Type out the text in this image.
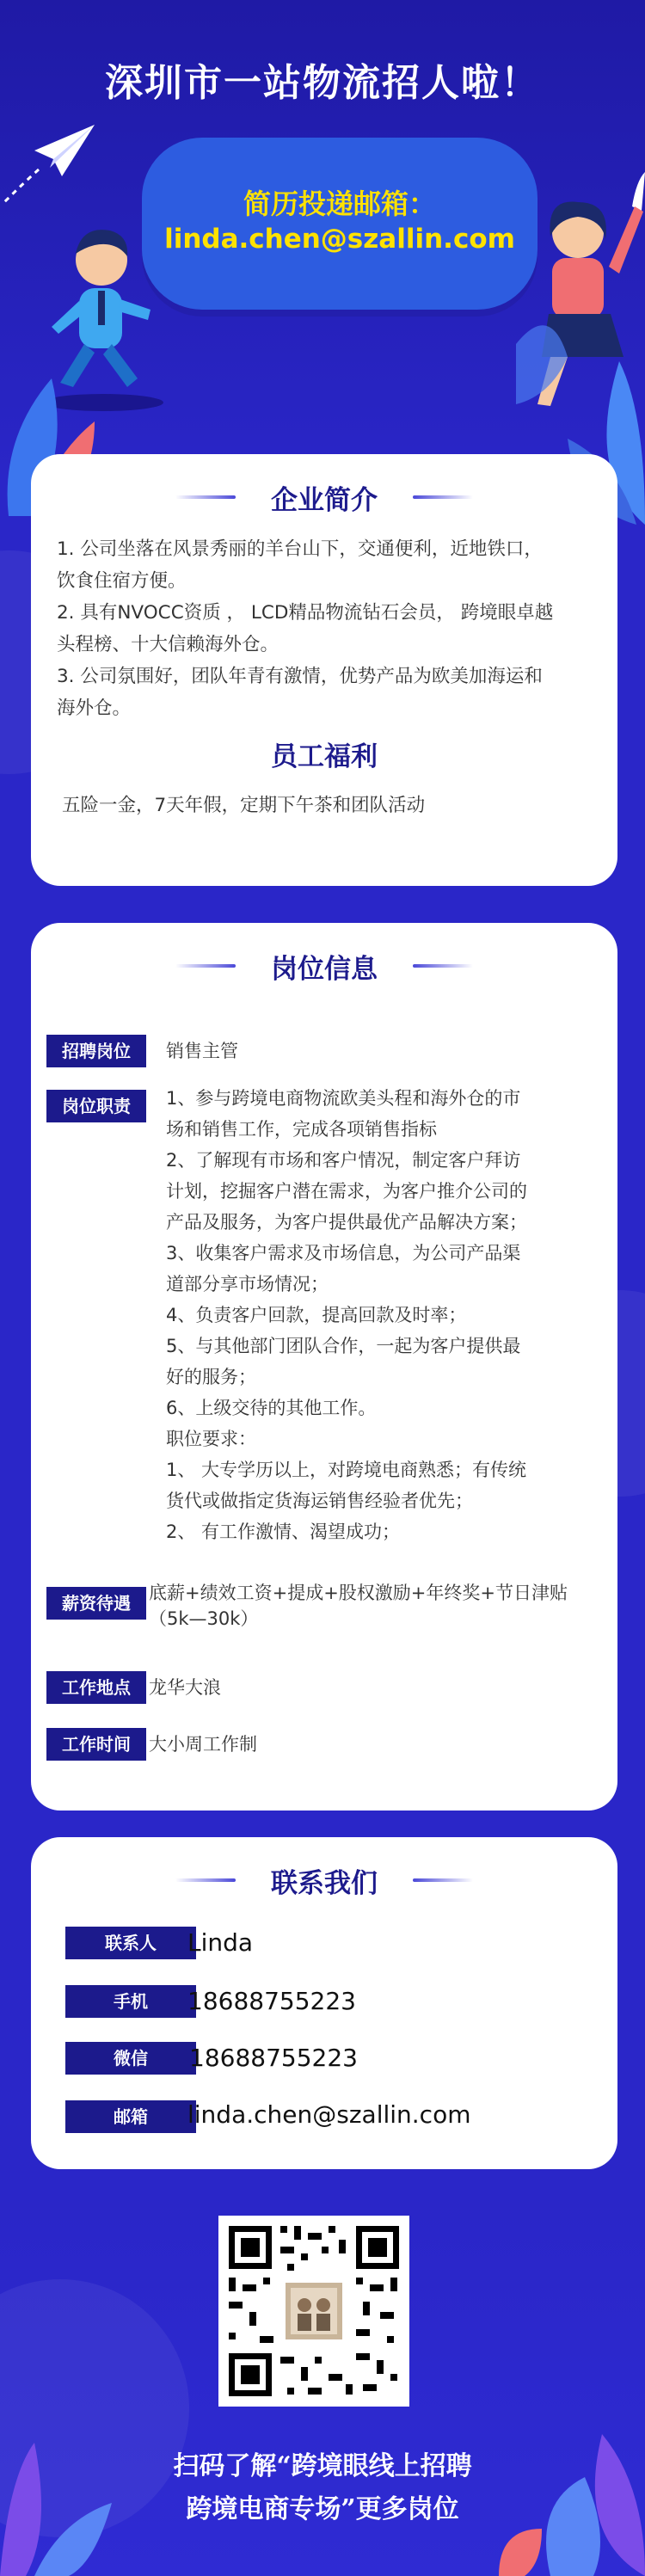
深圳市一站物流招人啦！
简历投递邮箱：
linda.chen@szallin.com
企业简介
1. 公司坐落在风景秀丽的羊台山下，交通便利，近地铁口，
饮食住宿方便。
2. 具有NVOCC资质 ， LCD精品物流钻石会员， 跨境眼卓越
头程榜、十大信赖海外仓。
3. 公司氛围好，团队年青有激情，优势产品为欧美加海运和
海外仓。
员工福利
五险一金，7天年假，定期下午茶和团队活动
岗位信息
招聘岗位	销售主管
岗位职责	1、参与跨境电商物流欧美头程和海外仓的市
场和销售工作，完成各项销售指标
2、了解现有市场和客户情况，制定客户拜访
计划，挖掘客户潜在需求，为客户推介公司的
产品及服务，为客户提供最优产品解决方案；
3、收集客户需求及市场信息，为公司产品渠
道部分享市场情况；
4、负责客户回款，提高回款及时率；
5、与其他部门团队合作，一起为客户提供最
好的服务；
6、上级交待的其他工作。
职位要求：
1、 大专学历以上，对跨境电商熟悉；有传统
货代或做指定货海运销售经验者优先；
2、 有工作激情、渴望成功；
薪资待遇	底薪+绩效工资+提成+股权激励+年终奖+节日津贴
（5k—30k）
工作地点	龙华大浪
工作时间	大小周工作制
联系我们
联系人	Linda
手机	18688755223
微信	18688755223
邮箱	linda.chen@szallin.com
扫码了解“跨境眼线上招聘
跨境电商专场”更多岗位
